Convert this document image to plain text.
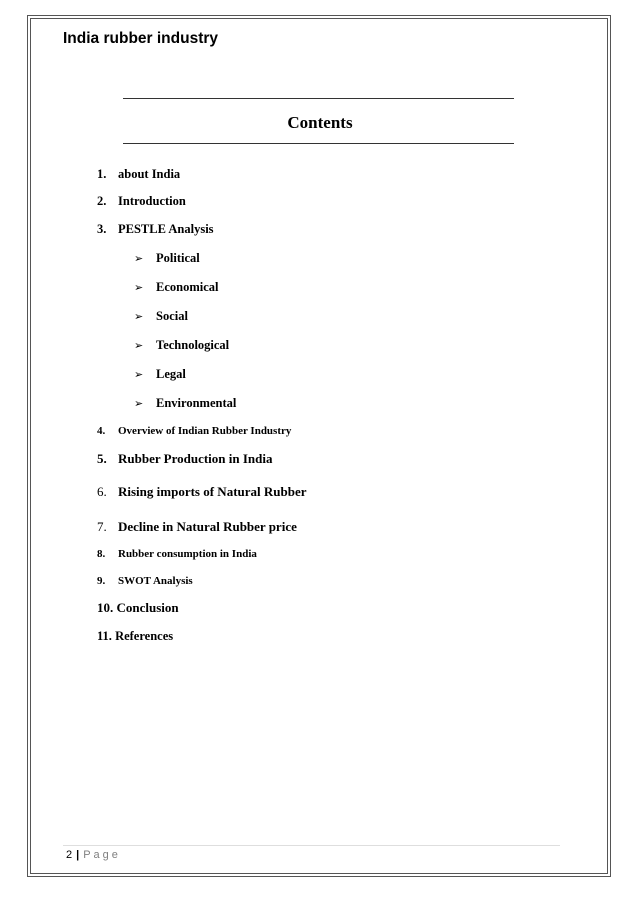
India rubber industry
Contents
1. about India
2. Introduction
3. PESTLE Analysis
➢ Political
➢ Economical
➢ Social
➢ Technological
➢ Legal
➢ Environmental
4. Overview of Indian Rubber Industry
5. Rubber Production in India
6. Rising imports of Natural Rubber
7. Decline in Natural Rubber price
8. Rubber consumption in India
9. SWOT Analysis
10. Conclusion
11. References
2 | Page
